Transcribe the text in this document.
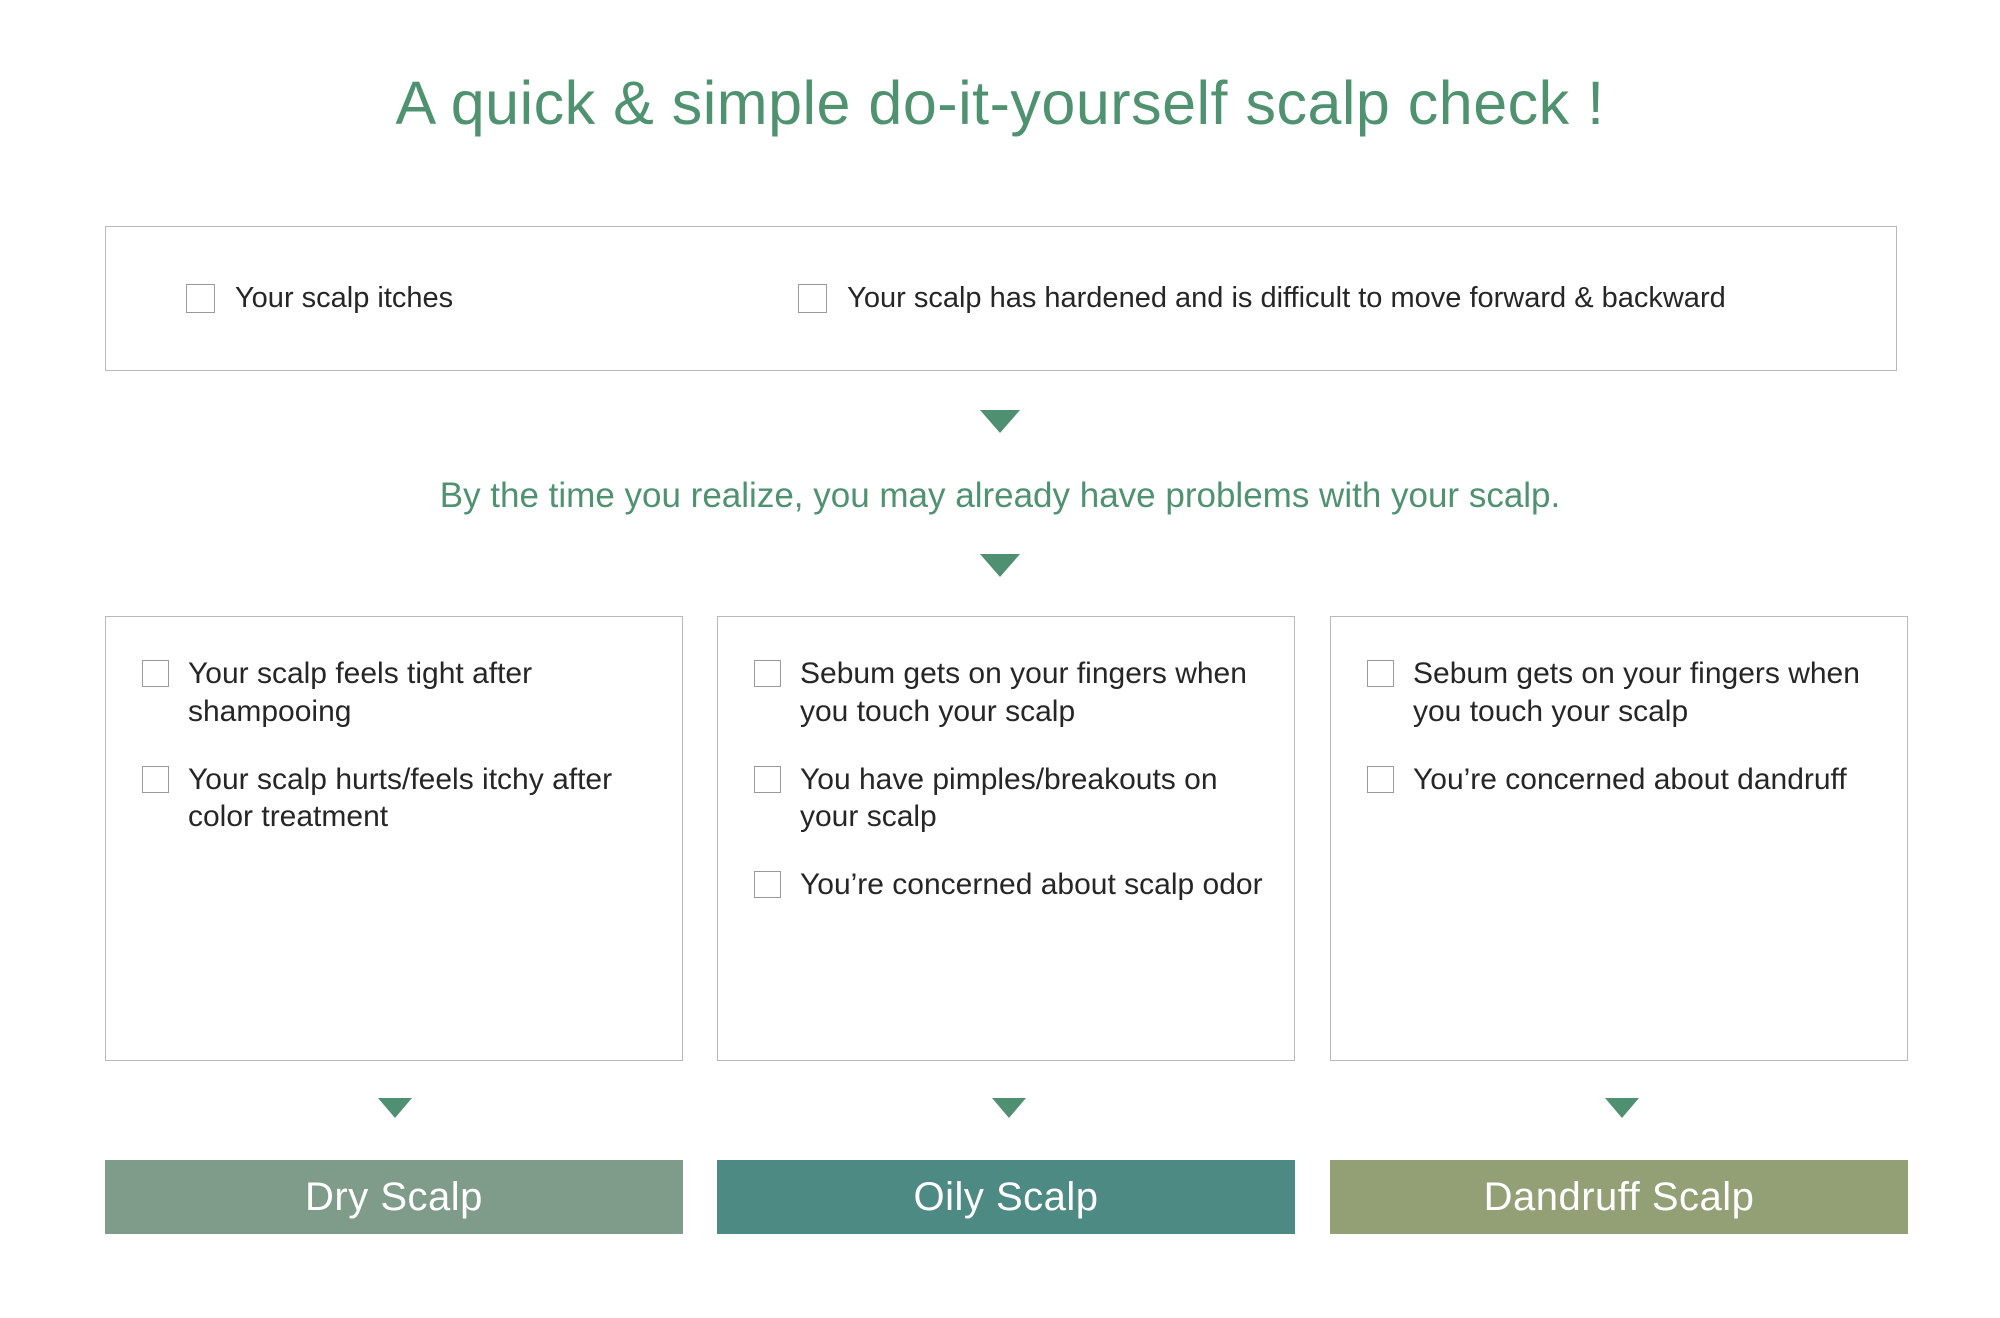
A quick & simple do-it-yourself scalp check !
Your scalp itches	Your scalp has hardened and is difficult to move forward & backward
By the time you realize, you may already have problems with your scalp.
Your scalp feels tight after shampooing
Your scalp hurts/feels itchy after color treatment
Sebum gets on your fingers when you touch your scalp
You have pimples/breakouts on your scalp
You’re concerned about scalp odor
Sebum gets on your fingers when you touch your scalp
You’re concerned about dandruff
Dry Scalp	Oily Scalp	Dandruff Scalp
